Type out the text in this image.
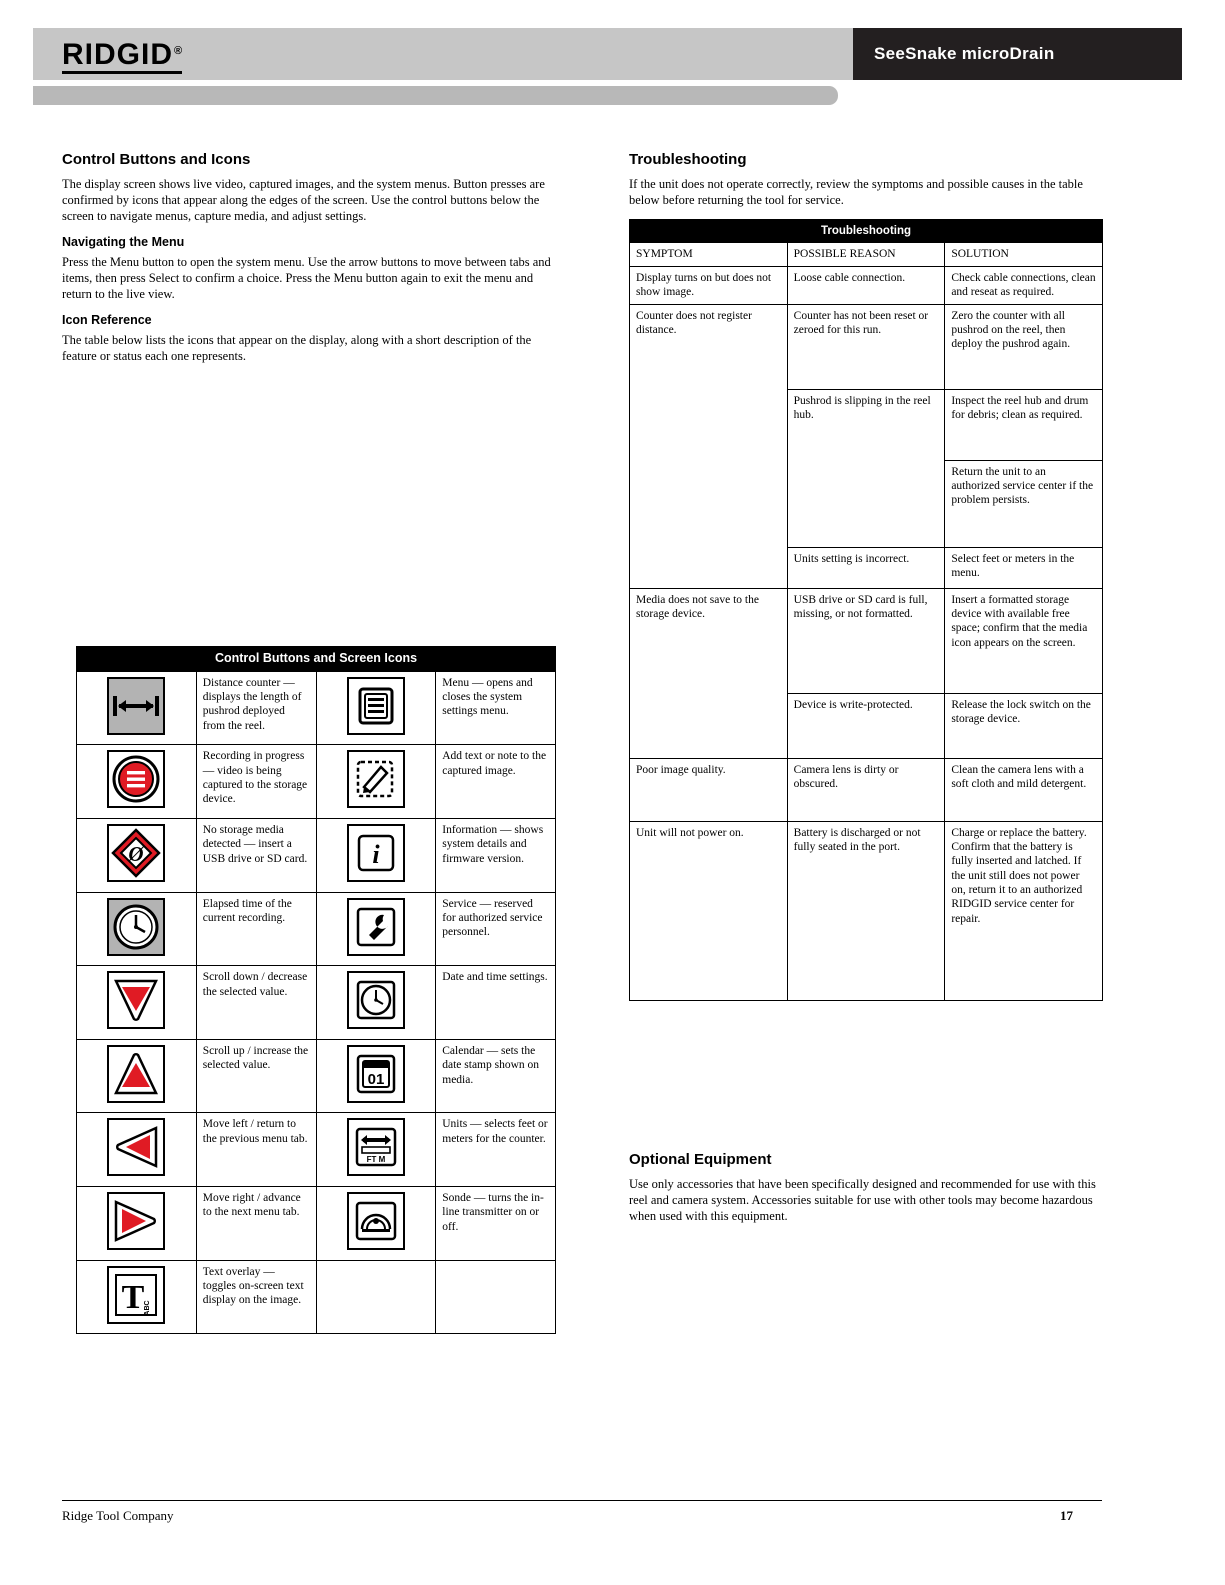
RIDGID®	SeeSnake microDrain
Control Buttons and Icons

The display screen shows live video, captured images, and the system menus. Button presses are confirmed by icons that appear along the edges of the screen. Use the control buttons below the screen to navigate menus, capture media, and adjust settings.

Navigating the Menu

Press the Menu button to open the system menu. Use the arrow buttons to move between tabs and items, then press Select to confirm a choice. Press the Menu button again to exit the menu and return to the live view.

Icon Reference

The table below lists the icons that appear on the display, along with a short description of the feature or status each one represents.

Troubleshooting

If the unit does not operate correctly, review the symptoms and possible causes in the table below before returning the tool for service.

Optional Equipment

Use only accessories that have been specifically designed and recommended for use with this reel and camera system. Accessories suitable for use with other tools may become hazardous when used with this equipment.

Control Buttons and Screen Icons			

	Distance counter — displays the length of pushrod deployed from the reel.		Menu — opens and closes the system settings menu.

	Recording in progress — video is being captured to the storage device.		Add text or note to the captured image.

Ø	No storage media detected — insert a USB drive or SD card.	i	Information — shows system details and firmware version.

	Elapsed time of the current recording.		Service — reserved for authorized service personnel.

	Scroll down / decrease the selected value.		Date and time settings.

	Scroll up / increase the selected value.	01	Calendar — sets the date stamp shown on media.

	Move left / return to the previous menu tab.	FT M	Units — selects feet or meters for the counter.

	Move right / advance to the next menu tab.		Sonde — turns the in-line transmitter on or off.

T ABC	Text overlay — toggles on-screen text display on the image.		
Troubleshooting		
SYMPTOM	POSSIBLE REASON	SOLUTION
Display turns on but does not show image.	Loose cable connection.	Check cable connections, clean and reseat as required.
Counter does not register distance.	Counter has not been reset or zeroed for this run.	Zero the counter with all pushrod on the reel, then deploy the pushrod again.
	Pushrod is slipping in the reel hub.	Inspect the reel hub and drum for debris; clean as required.
		Return the unit to an authorized service center if the problem persists.
	Units setting is incorrect.	Select feet or meters in the menu.
Media does not save to the storage device.	USB drive or SD card is full, missing, or not formatted.	Insert a formatted storage device with available free space; confirm that the media icon appears on the screen.
	Device is write-protected.	Release the lock switch on the storage device.
Poor image quality.	Camera lens is dirty or obscured.	Clean the camera lens with a soft cloth and mild detergent.
Unit will not power on.	Battery is discharged or not fully seated in the port.	Charge or replace the battery. Confirm that the battery is fully inserted and latched. If the unit still does not power on, return it to an authorized RIDGID service center for repair.
Ridge Tool Company	17
